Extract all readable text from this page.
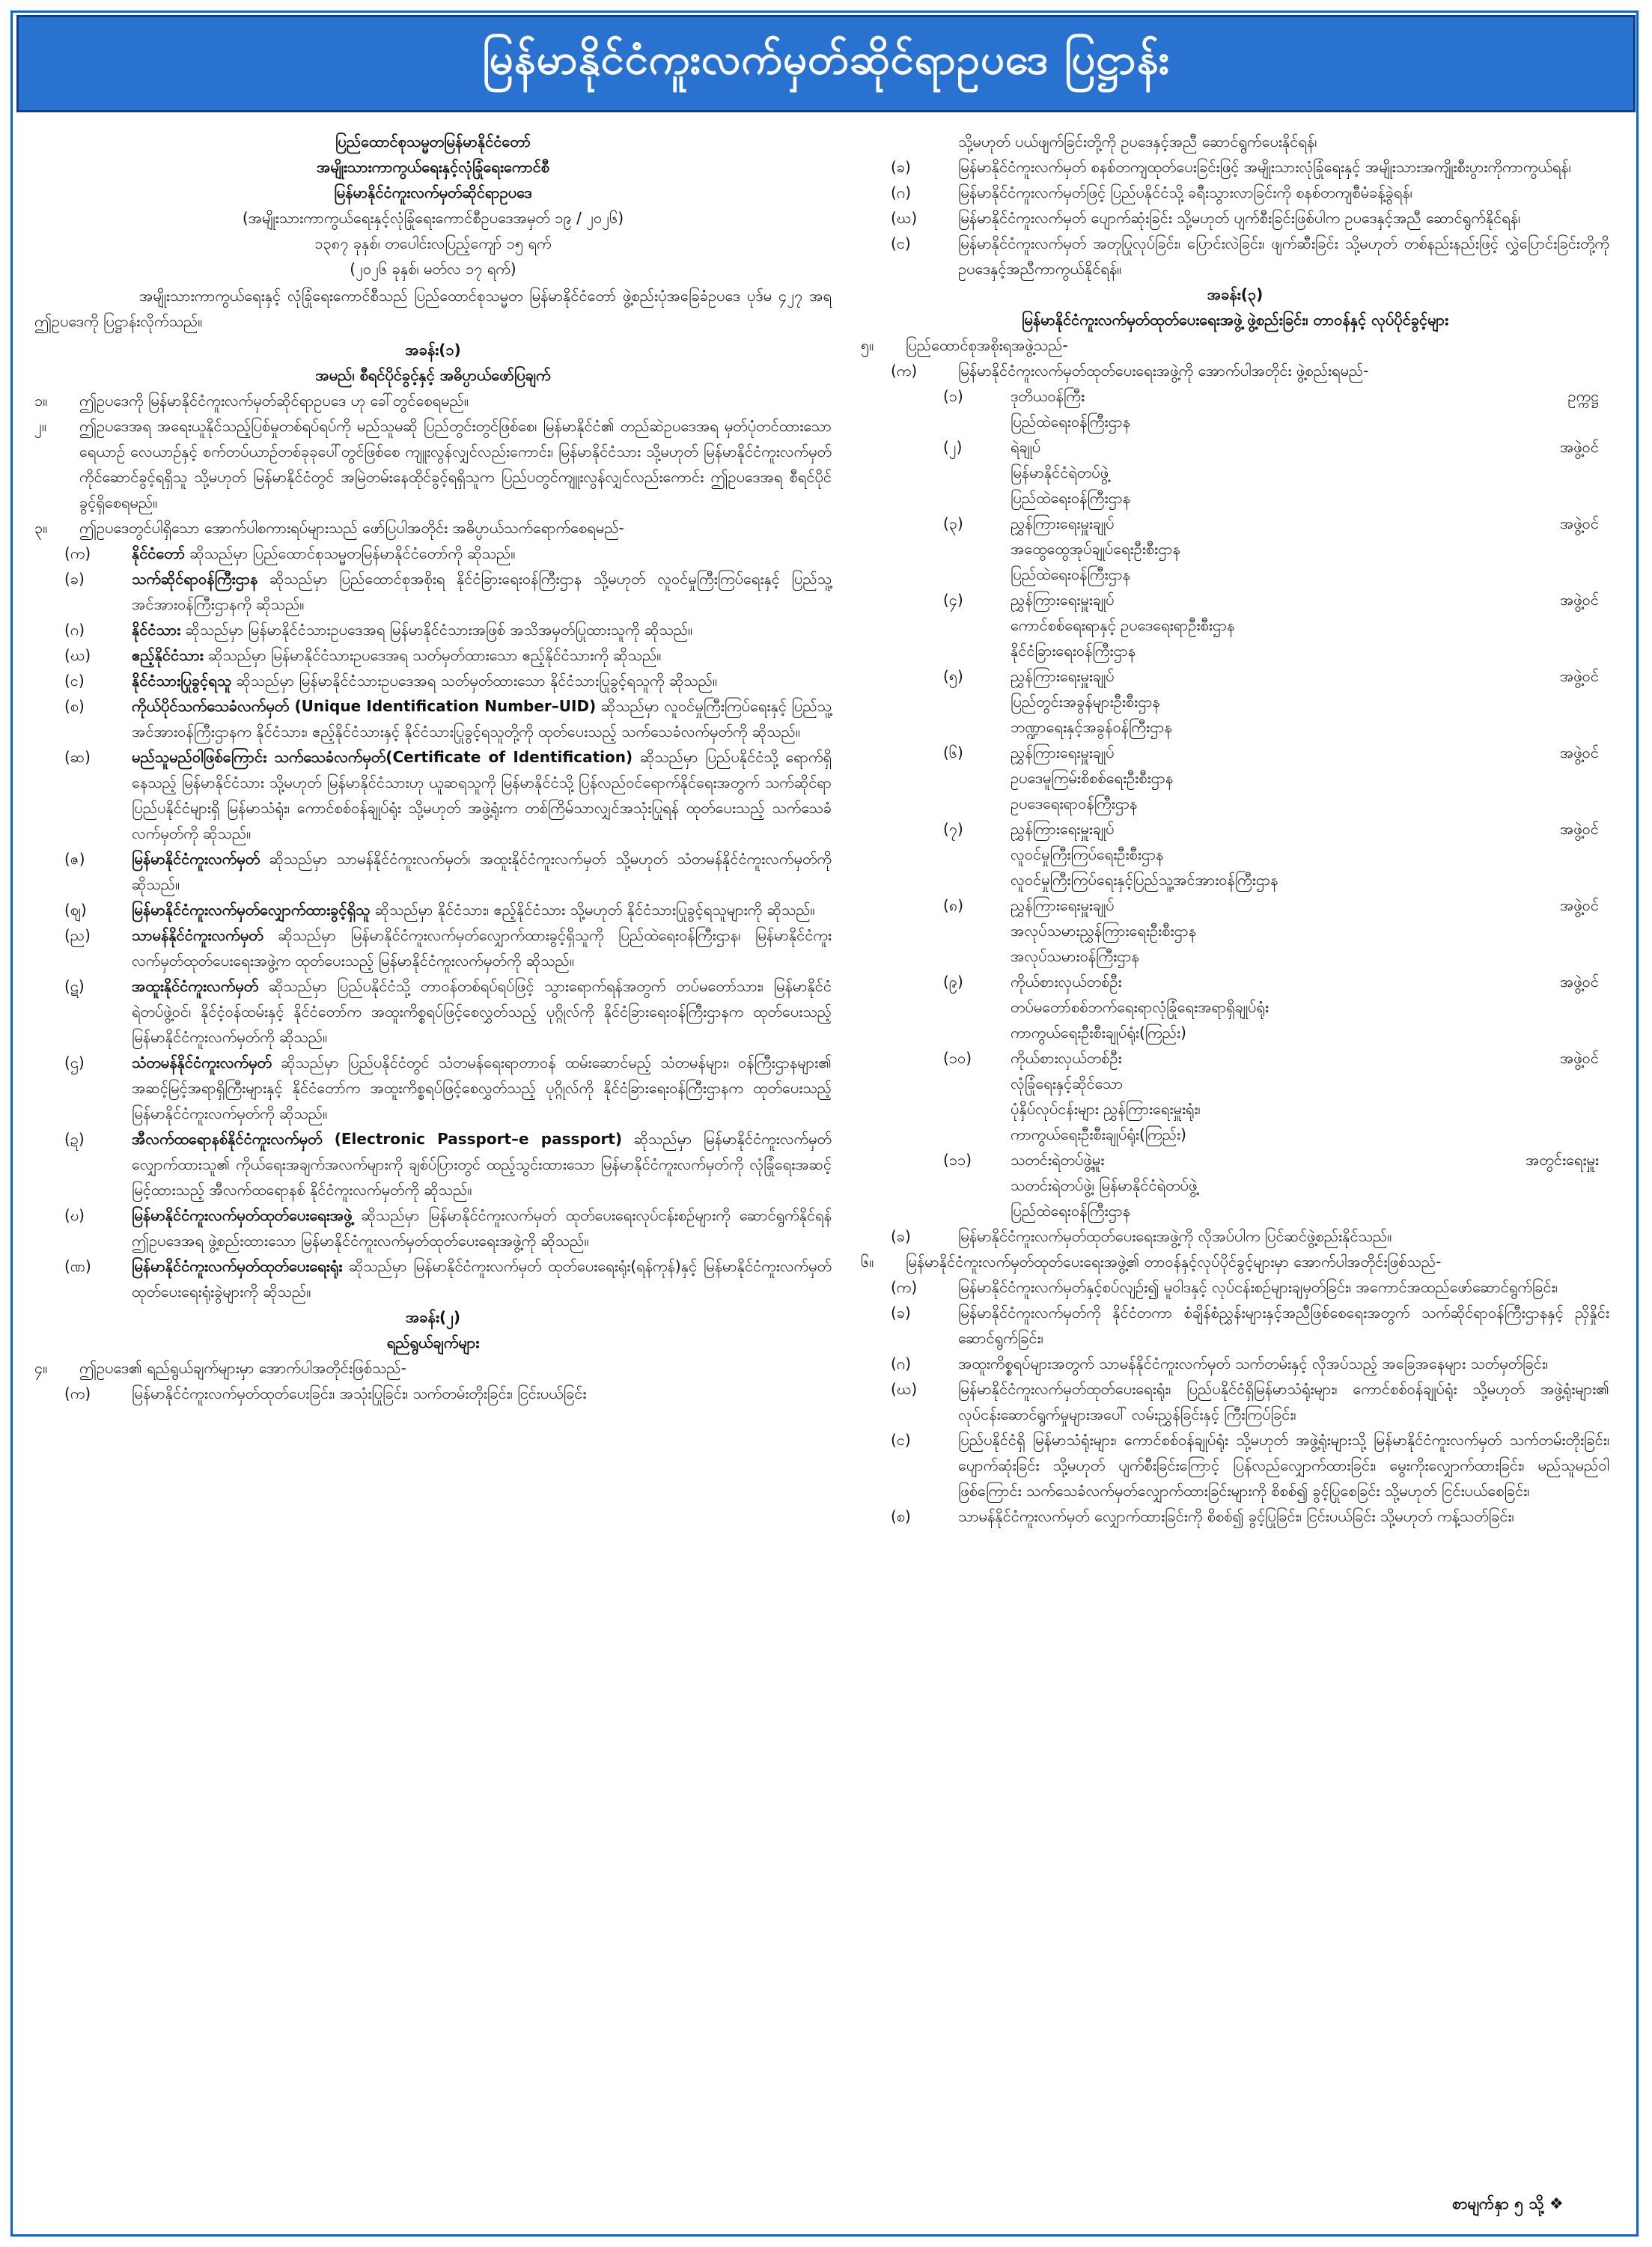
မြန်မာနိုင်ငံကူးလက်မှတ်ဆိုင်ရာဥပဒေ ပြဋ္ဌာန်း
ပြည်ထောင်စုသမ္မတမြန်မာနိုင်ငံတော်
အမျိုးသားကာကွယ်ရေးနှင့်လုံခြုံရေးကောင်စီ
မြန်မာနိုင်ငံကူးလက်မှတ်ဆိုင်ရာဥပဒေ
(အမျိုးသားကာကွယ်ရေးနှင့်လုံခြုံရေးကောင်စီဥပဒေအမှတ် ၁၉ / ၂၀၂၆)
၁၃၈၇ ခုနှစ်၊ တပေါင်းလပြည့်ကျော် ၁၅ ရက်
(၂၀၂၆ ခုနှစ်၊ မတ်လ ၁၇ ရက်)
အမျိုးသားကာကွယ်ရေးနှင့် လုံခြုံရေးကောင်စီသည် ပြည်ထောင်စုသမ္မတ မြန်မာနိုင်ငံတော် ဖွဲ့စည်းပုံအခြေခံဥပဒေ ပုဒ်မ ၄၂၇ အရ ဤဥပဒေကို ပြဋ္ဌာန်းလိုက်သည်။
အခန်း(၁)
အမည်၊ စီရင်ပိုင်ခွင့်နှင့် အဓိပ္ပာယ်ဖော်ပြချက်
၁။	ဤဥပဒေကို မြန်မာနိုင်ငံကူးလက်မှတ်ဆိုင်ရာဥပဒေ ဟု ခေါ်တွင်စေရမည်။
၂။	ဤဥပဒေအရ အရေးယူနိုင်သည့်ပြစ်မှုတစ်ရပ်ရပ်ကို မည်သူမဆို ပြည်တွင်းတွင်ဖြစ်စေ၊ မြန်မာနိုင်ငံ၏ တည်ဆဲဥပဒေအရ မှတ်ပုံတင်ထားသော ရေယာဉ် လေယာဉ်နှင့် စက်တပ်ယာဉ်တစ်ခုခုပေါ်တွင်ဖြစ်စေ ကျူးလွန်လျှင်လည်းကောင်း၊ မြန်မာနိုင်ငံသား သို့မဟုတ် မြန်မာနိုင်ငံကူးလက်မှတ် ကိုင်ဆောင်ခွင့်ရရှိသူ သို့မဟုတ် မြန်မာနိုင်ငံတွင် အမြဲတမ်းနေထိုင်ခွင့်ရရှိသူက ပြည်ပတွင်ကျူးလွန်လျှင်လည်းကောင်း ဤဥပဒေအရ စီရင်ပိုင်ခွင့်ရှိစေရမည်။
၃။	ဤဥပဒေတွင်ပါရှိသော အောက်ပါစကားရပ်များသည် ဖော်ပြပါအတိုင်း အဓိပ္ပာယ်သက်ရောက်စေရမည်-
(က)	နိုင်ငံတော် ဆိုသည်မှာ ပြည်ထောင်စုသမ္မတမြန်မာနိုင်ငံတော်ကို ဆိုသည်။
(ခ)	သက်ဆိုင်ရာဝန်ကြီးဌာန ဆိုသည်မှာ ပြည်ထောင်စုအစိုးရ နိုင်ငံခြားရေးဝန်ကြီးဌာန သို့မဟုတ် လူဝင်မှုကြီးကြပ်ရေးနှင့် ပြည်သူ့အင်အားဝန်ကြီးဌာနကို ဆိုသည်။
(ဂ)	နိုင်ငံသား ဆိုသည်မှာ မြန်မာနိုင်ငံသားဥပဒေအရ မြန်မာနိုင်ငံသားအဖြစ် အသိအမှတ်ပြုထားသူကို ဆိုသည်။
(ဃ)	ဧည့်နိုင်ငံသား ဆိုသည်မှာ မြန်မာနိုင်ငံသားဥပဒေအရ သတ်မှတ်ထားသော ဧည့်နိုင်ငံသားကို ဆိုသည်။
(င)	နိုင်ငံသားပြုခွင့်ရသူ ဆိုသည်မှာ မြန်မာနိုင်ငံသားဥပဒေအရ သတ်မှတ်ထားသော နိုင်ငံသားပြုခွင့်ရသူကို ဆိုသည်။
(စ)	ကိုယ်ပိုင်သက်သေခံလက်မှတ် (Unique Identification Number–UID) ဆိုသည်မှာ လူဝင်မှုကြီးကြပ်ရေးနှင့် ပြည်သူ့အင်အားဝန်ကြီးဌာနက နိုင်ငံသား၊ ဧည့်နိုင်ငံသားနှင့် နိုင်ငံသားပြုခွင့်ရသူတို့ကို ထုတ်ပေးသည့် သက်သေခံလက်မှတ်ကို ဆိုသည်။
(ဆ)	မည်သူမည်ဝါဖြစ်ကြောင်း သက်သေခံလက်မှတ်(Certificate of Identification) ဆိုသည်မှာ ပြည်ပနိုင်ငံသို့ ရောက်ရှိနေသည့် မြန်မာနိုင်ငံသား သို့မဟုတ် မြန်မာနိုင်ငံသားဟု ယူဆရသူကို မြန်မာနိုင်ငံသို့ ပြန်လည်ဝင်ရောက်နိုင်ရေးအတွက် သက်ဆိုင်ရာ ပြည်ပနိုင်ငံများရှိ မြန်မာသံရုံး၊ ကောင်စစ်ဝန်ချုပ်ရုံး သို့မဟုတ် အဖွဲ့ရုံးက တစ်ကြိမ်သာလျှင်အသုံးပြုရန် ထုတ်ပေးသည့် သက်သေခံလက်မှတ်ကို ဆိုသည်။
(ဇ)	မြန်မာနိုင်ငံကူးလက်မှတ် ဆိုသည်မှာ သာမန်နိုင်ငံကူးလက်မှတ်၊ အထူးနိုင်ငံကူးလက်မှတ် သို့မဟုတ် သံတမန်နိုင်ငံကူးလက်မှတ်ကို ဆိုသည်။
(ဈ)	မြန်မာနိုင်ငံကူးလက်မှတ်လျှောက်ထားခွင့်ရှိသူ ဆိုသည်မှာ နိုင်ငံသား၊ ဧည့်နိုင်ငံသား သို့မဟုတ် နိုင်ငံသားပြုခွင့်ရသူများကို ဆိုသည်။
(ည)	သာမန်နိုင်ငံကူးလက်မှတ် ဆိုသည်မှာ မြန်မာနိုင်ငံကူးလက်မှတ်လျှောက်ထားခွင့်ရှိသူကို ပြည်ထဲရေးဝန်ကြီးဌာန၊ မြန်မာနိုင်ငံကူးလက်မှတ်ထုတ်ပေးရေးအဖွဲ့က ထုတ်ပေးသည့် မြန်မာနိုင်ငံကူးလက်မှတ်ကို ဆိုသည်။
(ဋ)	အထူးနိုင်ငံကူးလက်မှတ် ဆိုသည်မှာ ပြည်ပနိုင်ငံသို့ တာဝန်တစ်ရပ်ရပ်ဖြင့် သွားရောက်ရန်အတွက် တပ်မတော်သား၊ မြန်မာနိုင်ငံရဲတပ်ဖွဲ့ဝင်၊ နိုင်ငံ့ဝန်ထမ်းနှင့် နိုင်ငံတော်က အထူးကိစ္စရပ်ဖြင့်စေလွှတ်သည့် ပုဂ္ဂိုလ်ကို နိုင်ငံခြားရေးဝန်ကြီးဌာနက ထုတ်ပေးသည့် မြန်မာနိုင်ငံကူးလက်မှတ်ကို ဆိုသည်။
(ဌ)	သံတမန်နိုင်ငံကူးလက်မှတ် ဆိုသည်မှာ ပြည်ပနိုင်ငံတွင် သံတမန်ရေးရာတာဝန် ထမ်းဆောင်မည့် သံတမန်များ၊ ဝန်ကြီးဌာနများ၏ အဆင့်မြင့်အရာရှိကြီးများနှင့် နိုင်ငံတော်က အထူးကိစ္စရပ်ဖြင့်စေလွှတ်သည့် ပုဂ္ဂိုလ်ကို နိုင်ငံခြားရေးဝန်ကြီးဌာနက ထုတ်ပေးသည့် မြန်မာနိုင်ငံကူးလက်မှတ်ကို ဆိုသည်။
(ဍ)	အီလက်ထရောနစ်နိုင်ငံကူးလက်မှတ် (Electronic Passport–e passport) ဆိုသည်မှာ မြန်မာနိုင်ငံကူးလက်မှတ်လျှောက်ထားသူ၏ ကိုယ်ရေးအချက်အလက်များကို ချစ်ပ်ပြားတွင် ထည့်သွင်းထားသော မြန်မာနိုင်ငံကူးလက်မှတ်ကို လုံခြုံရေးအဆင့်မြင့်ထားသည့် အီလက်ထရောနစ် နိုင်ငံကူးလက်မှတ်ကို ဆိုသည်။
(ဎ)	မြန်မာနိုင်ငံကူးလက်မှတ်ထုတ်ပေးရေးအဖွဲ့ ဆိုသည်မှာ မြန်မာနိုင်ငံကူးလက်မှတ် ထုတ်ပေးရေးလုပ်ငန်းစဉ်များကို ဆောင်ရွက်နိုင်ရန် ဤဥပဒေအရ ဖွဲ့စည်းထားသော မြန်မာနိုင်ငံကူးလက်မှတ်ထုတ်ပေးရေးအဖွဲ့ကို ဆိုသည်။
(ဏ)	မြန်မာနိုင်ငံကူးလက်မှတ်ထုတ်ပေးရေးရုံး ဆိုသည်မှာ မြန်မာနိုင်ငံကူးလက်မှတ် ထုတ်ပေးရေးရုံး(ရန်ကုန်)နှင့် မြန်မာနိုင်ငံကူးလက်မှတ်ထုတ်ပေးရေးရုံးခွဲများကို ဆိုသည်။
အခန်း(၂)
ရည်ရွယ်ချက်များ
၄။	ဤဥပဒေ၏ ရည်ရွယ်ချက်များမှာ အောက်ပါအတိုင်းဖြစ်သည်-
(က)	မြန်မာနိုင်ငံကူးလက်မှတ်ထုတ်ပေးခြင်း၊ အသုံးပြုခြင်း၊ သက်တမ်းတိုးခြင်း၊ ငြင်းပယ်ခြင်း
သို့မဟုတ် ပယ်ဖျက်ခြင်းတို့ကို ဥပဒေနှင့်အညီ ဆောင်ရွက်ပေးနိုင်ရန်၊
(ခ)	မြန်မာနိုင်ငံကူးလက်မှတ် စနစ်တကျထုတ်ပေးခြင်းဖြင့် အမျိုးသားလုံခြုံရေးနှင့် အမျိုးသားအကျိုးစီးပွားကိုကာကွယ်ရန်၊
(ဂ)	မြန်မာနိုင်ငံကူးလက်မှတ်ဖြင့် ပြည်ပနိုင်ငံသို့ ခရီးသွားလာခြင်းကို စနစ်တကျစီမံခန့်ခွဲရန်၊
(ဃ)	မြန်မာနိုင်ငံကူးလက်မှတ် ပျောက်ဆုံးခြင်း သို့မဟုတ် ပျက်စီးခြင်းဖြစ်ပါက ဥပဒေနှင့်အညီ ဆောင်ရွက်နိုင်ရန်၊
(င)	မြန်မာနိုင်ငံကူးလက်မှတ် အတုပြုလုပ်ခြင်း၊ ပြောင်းလဲခြင်း၊ ဖျက်ဆီးခြင်း သို့မဟုတ် တစ်နည်းနည်းဖြင့် လွှဲပြောင်းခြင်းတို့ကို ဥပဒေနှင့်အညီကာကွယ်နိုင်ရန်။
အခန်း(၃)
မြန်မာနိုင်ငံကူးလက်မှတ်ထုတ်ပေးရေးအဖွဲ့ ဖွဲ့စည်းခြင်း၊ တာဝန်နှင့် လုပ်ပိုင်ခွင့်များ
၅။	ပြည်ထောင်စုအစိုးရအဖွဲ့သည်-
(က)	မြန်မာနိုင်ငံကူးလက်မှတ်ထုတ်ပေးရေးအဖွဲ့ကို အောက်ပါအတိုင်း ဖွဲ့စည်းရမည်-
(၁)	ဒုတိယဝန်ကြီး	ဥက္ကဋ္ဌ
ပြည်ထဲရေးဝန်ကြီးဌာန
(၂)	ရဲချုပ်	အဖွဲ့ဝင်
မြန်မာနိုင်ငံရဲတပ်ဖွဲ့
ပြည်ထဲရေးဝန်ကြီးဌာန
(၃)	ညွှန်ကြားရေးမှူးချုပ်	အဖွဲ့ဝင်
အထွေထွေအုပ်ချုပ်ရေးဦးစီးဌာန
ပြည်ထဲရေးဝန်ကြီးဌာန
(၄)	ညွှန်ကြားရေးမှူးချုပ်	အဖွဲ့ဝင်
ကောင်စစ်ရေးရာနှင့် ဥပဒေရေးရာဦးစီးဌာန
နိုင်ငံခြားရေးဝန်ကြီးဌာန
(၅)	ညွှန်ကြားရေးမှူးချုပ်	အဖွဲ့ဝင်
ပြည်တွင်းအခွန်များဦးစီးဌာန
ဘဏ္ဍာရေးနှင့်အခွန်ဝန်ကြီးဌာန
(၆)	ညွှန်ကြားရေးမှူးချုပ်	အဖွဲ့ဝင်
ဥပဒေမူကြမ်းစိစစ်ရေးဦးစီးဌာန
ဥပဒေရေးရာဝန်ကြီးဌာန
(၇)	ညွှန်ကြားရေးမှူးချုပ်	အဖွဲ့ဝင်
လူဝင်မှုကြီးကြပ်ရေးဦးစီးဌာန
လူဝင်မှုကြီးကြပ်ရေးနှင့်ပြည်သူ့အင်အားဝန်ကြီးဌာန
(၈)	ညွှန်ကြားရေးမှူးချုပ်	အဖွဲ့ဝင်
အလုပ်သမားညွှန်ကြားရေးဦးစီးဌာန
အလုပ်သမားဝန်ကြီးဌာန
(၉)	ကိုယ်စားလှယ်တစ်ဦး	အဖွဲ့ဝင်
တပ်မတော်စစ်ဘက်ရေးရာလုံခြုံရေးအရာရှိချုပ်ရုံး
ကာကွယ်ရေးဦးစီးချုပ်ရုံး(ကြည်း)
(၁၀)	ကိုယ်စားလှယ်တစ်ဦး	အဖွဲ့ဝင်
လုံခြုံရေးနှင့်ဆိုင်သော
ပုံနှိပ်လုပ်ငန်းများ ညွှန်ကြားရေးမှူးရုံး၊
ကာကွယ်ရေးဦးစီးချုပ်ရုံး(ကြည်း)
(၁၁)	သတင်းရဲတပ်ဖွဲ့မှူး	အတွင်းရေးမှူး
သတင်းရဲတပ်ဖွဲ့၊ မြန်မာနိုင်ငံရဲတပ်ဖွဲ့
ပြည်ထဲရေးဝန်ကြီးဌာန
(ခ)	မြန်မာနိုင်ငံကူးလက်မှတ်ထုတ်ပေးရေးအဖွဲ့ကို လိုအပ်ပါက ပြင်ဆင်ဖွဲ့စည်းနိုင်သည်။
၆။	မြန်မာနိုင်ငံကူးလက်မှတ်ထုတ်ပေးရေးအဖွဲ့၏ တာဝန်နှင့်လုပ်ပိုင်ခွင့်များမှာ အောက်ပါအတိုင်းဖြစ်သည်-
(က)	မြန်မာနိုင်ငံကူးလက်မှတ်နှင့်စပ်လျဉ်း၍ မူဝါဒနှင့် လုပ်ငန်းစဉ်များချမှတ်ခြင်း၊ အကောင်အထည်ဖော်ဆောင်ရွက်ခြင်း၊
(ခ)	မြန်မာနိုင်ငံကူးလက်မှတ်ကို နိုင်ငံတကာ စံချိန်စံညွှန်းများနှင့်အညီဖြစ်စေရေးအတွက် သက်ဆိုင်ရာဝန်ကြီးဌာနနှင့် ညှိနှိုင်းဆောင်ရွက်ခြင်း၊
(ဂ)	အထူးကိစ္စရပ်များအတွက် သာမန်နိုင်ငံကူးလက်မှတ် သက်တမ်းနှင့် လိုအပ်သည့် အခြေအနေများ သတ်မှတ်ခြင်း၊
(ဃ)	မြန်မာနိုင်ငံကူးလက်မှတ်ထုတ်ပေးရေးရုံး၊ ပြည်ပနိုင်ငံရှိမြန်မာသံရုံးများ၊ ကောင်စစ်ဝန်ချုပ်ရုံး သို့မဟုတ် အဖွဲ့ရုံးများ၏ လုပ်ငန်းဆောင်ရွက်မှုများအပေါ် လမ်းညွှန်ခြင်းနှင့် ကြီးကြပ်ခြင်း၊
(င)	ပြည်ပနိုင်ငံရှိ မြန်မာသံရုံးများ၊ ကောင်စစ်ဝန်ချုပ်ရုံး သို့မဟုတ် အဖွဲ့ရုံးများသို့ မြန်မာနိုင်ငံကူးလက်မှတ် သက်တမ်းတိုးခြင်း၊ ပျောက်ဆုံးခြင်း သို့မဟုတ် ပျက်စီးခြင်းကြောင့် ပြန်လည်လျှောက်ထားခြင်း၊ မွေးကိုးလျှောက်ထားခြင်း၊ မည်သူမည်ဝါဖြစ်ကြောင်း သက်သေခံလက်မှတ်လျှောက်ထားခြင်းများကို စိစစ်၍ ခွင့်ပြုစေခြင်း သို့မဟုတ် ငြင်းပယ်စေခြင်း၊
(စ)	သာမန်နိုင်ငံကူးလက်မှတ် လျှောက်ထားခြင်းကို စိစစ်၍ ခွင့်ပြုခြင်း၊ ငြင်းပယ်ခြင်း သို့မဟုတ် ကန့်သတ်ခြင်း၊
စာမျက်နှာ ၅ သို့ ❖
